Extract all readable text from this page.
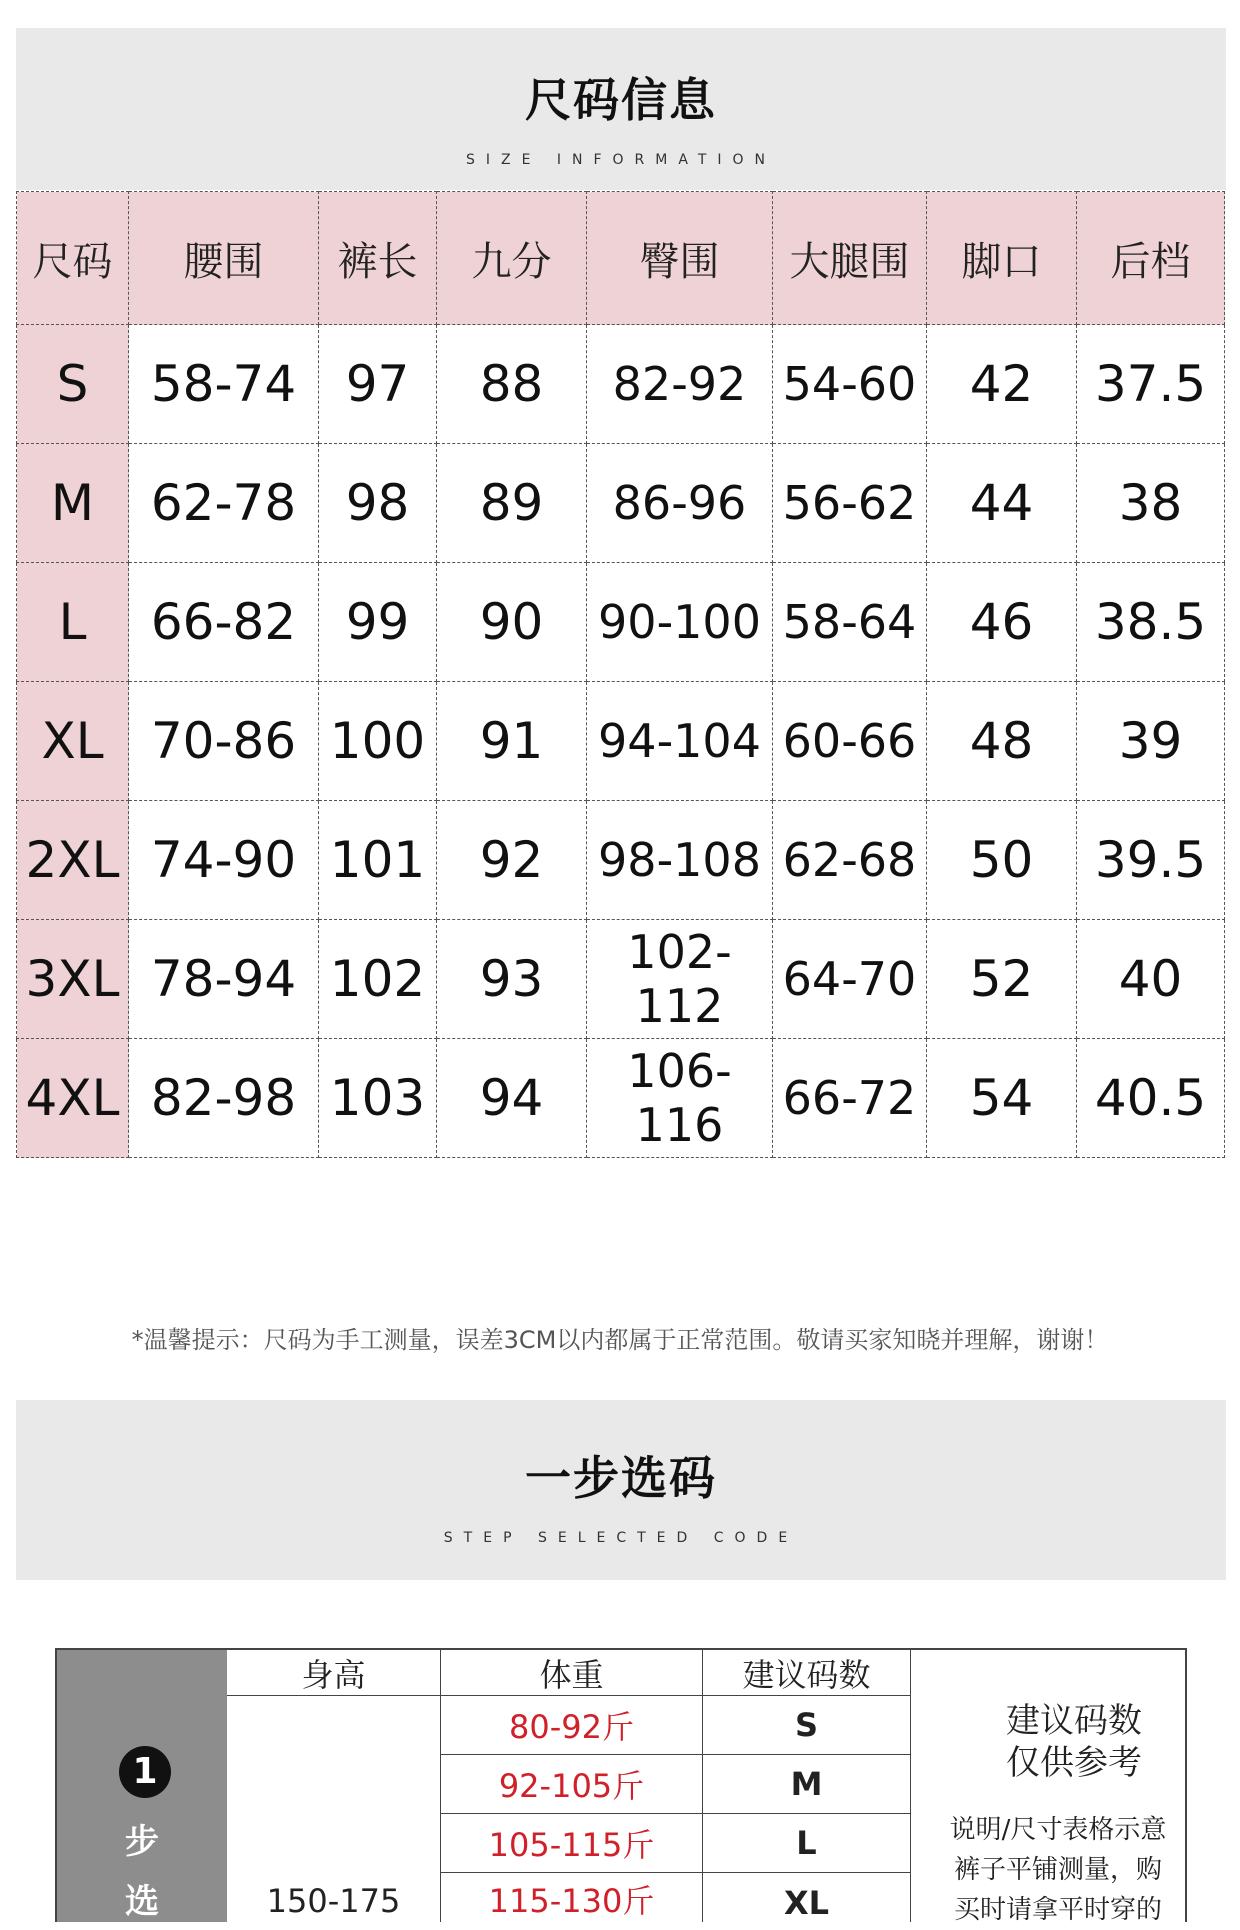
尺码信息
SIZE INFORMATION
尺码	腰围	裤长	九分	臀围	大腿围	脚口	后档
S	58-74	97	88	82-92	54-60	42	37.5
M	62-78	98	89	86-96	56-62	44	38
L	66-82	99	90	90-100	58-64	46	38.5
XL	70-86	100	91	94-104	60-66	48	39
2XL	74-90	101	92	98-108	62-68	50	39.5
3XL	78-94	102	93	102-112	64-70	52	40
4XL	82-98	103	94	106-116	66-72	54	40.5
*温馨提示：尺码为手工测量，误差3CM以内都属于正常范围。敬请买家知晓并理解，谢谢！
一步选码
STEP SELECTED CODE
1
步
选
身高	体重	建议码数
150-175
80-92斤	S
92-105斤	M
105-115斤	L
115-130斤	XL
建议码数
仅供参考
说明/尺寸表格示意
裤子平铺测量，购
买时请拿平时穿的
